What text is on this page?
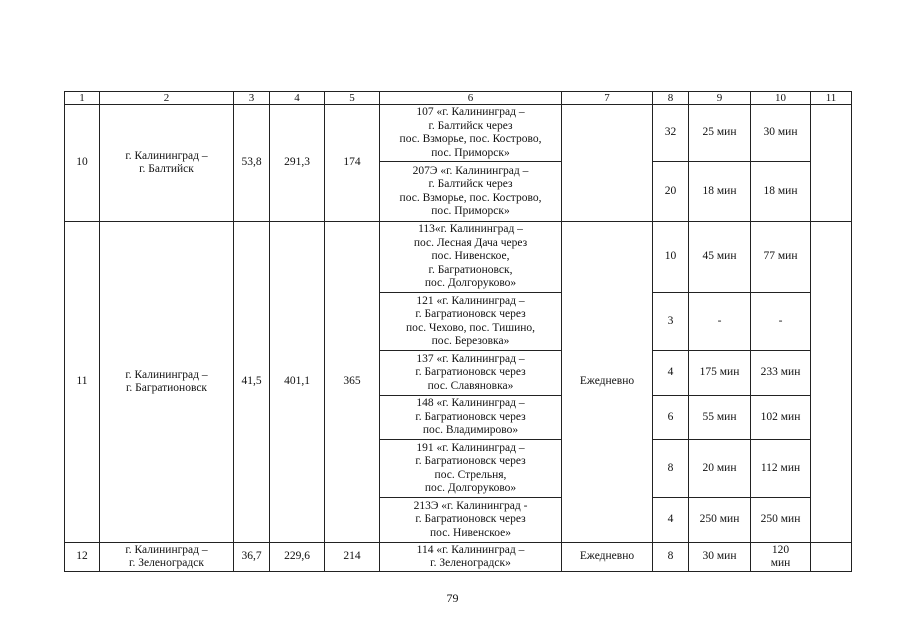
1	2	3	4	5	6	7	8	9	10	11
10	г. Калининград –
г. Балтийск	53,8	291,3	174	107 «г. Калининград –
г. Балтийск через
пос. Взморье, пос. Кострово,
пос. Приморск»		32	25 мин	30 мин	
					207Э «г. Калининград –
г. Балтийск через
пос. Взморье, пос. Кострово,
пос. Приморск»		20	18 мин	18 мин	
11	г. Калининград –
г. Багратионовск	41,5	401,1	365	113«г. Калининград –
пос. Лесная Дача через
пос. Нивенское,
г. Багратионовск,
пос. Долгоруково»	Ежедневно	10	45 мин	77 мин	
					121 «г. Калининград –
г. Багратионовск через
пос. Чехово, пос. Тишино,
пос. Березовка»		3	-	-	
					137 «г. Калининград –
г. Багратионовск через
пос. Славяновка»		4	175 мин	233 мин	
					148 «г. Калининград –
г. Багратионовск через
пос. Владимирово»		6	55 мин	102 мин	
					191 «г. Калининград –
г. Багратионовск через
пос. Стрельня,
пос. Долгоруково»		8	20 мин	112 мин	
					213Э «г. Калининград -
г. Багратионовск через
пос. Нивенское»		4	250 мин	250 мин	
12	г. Калининград –
г. Зеленоградск	36,7	229,6	214	114 «г. Калининград –
г. Зеленоградск»	Ежедневно	8	30 мин	120
мин	
79
